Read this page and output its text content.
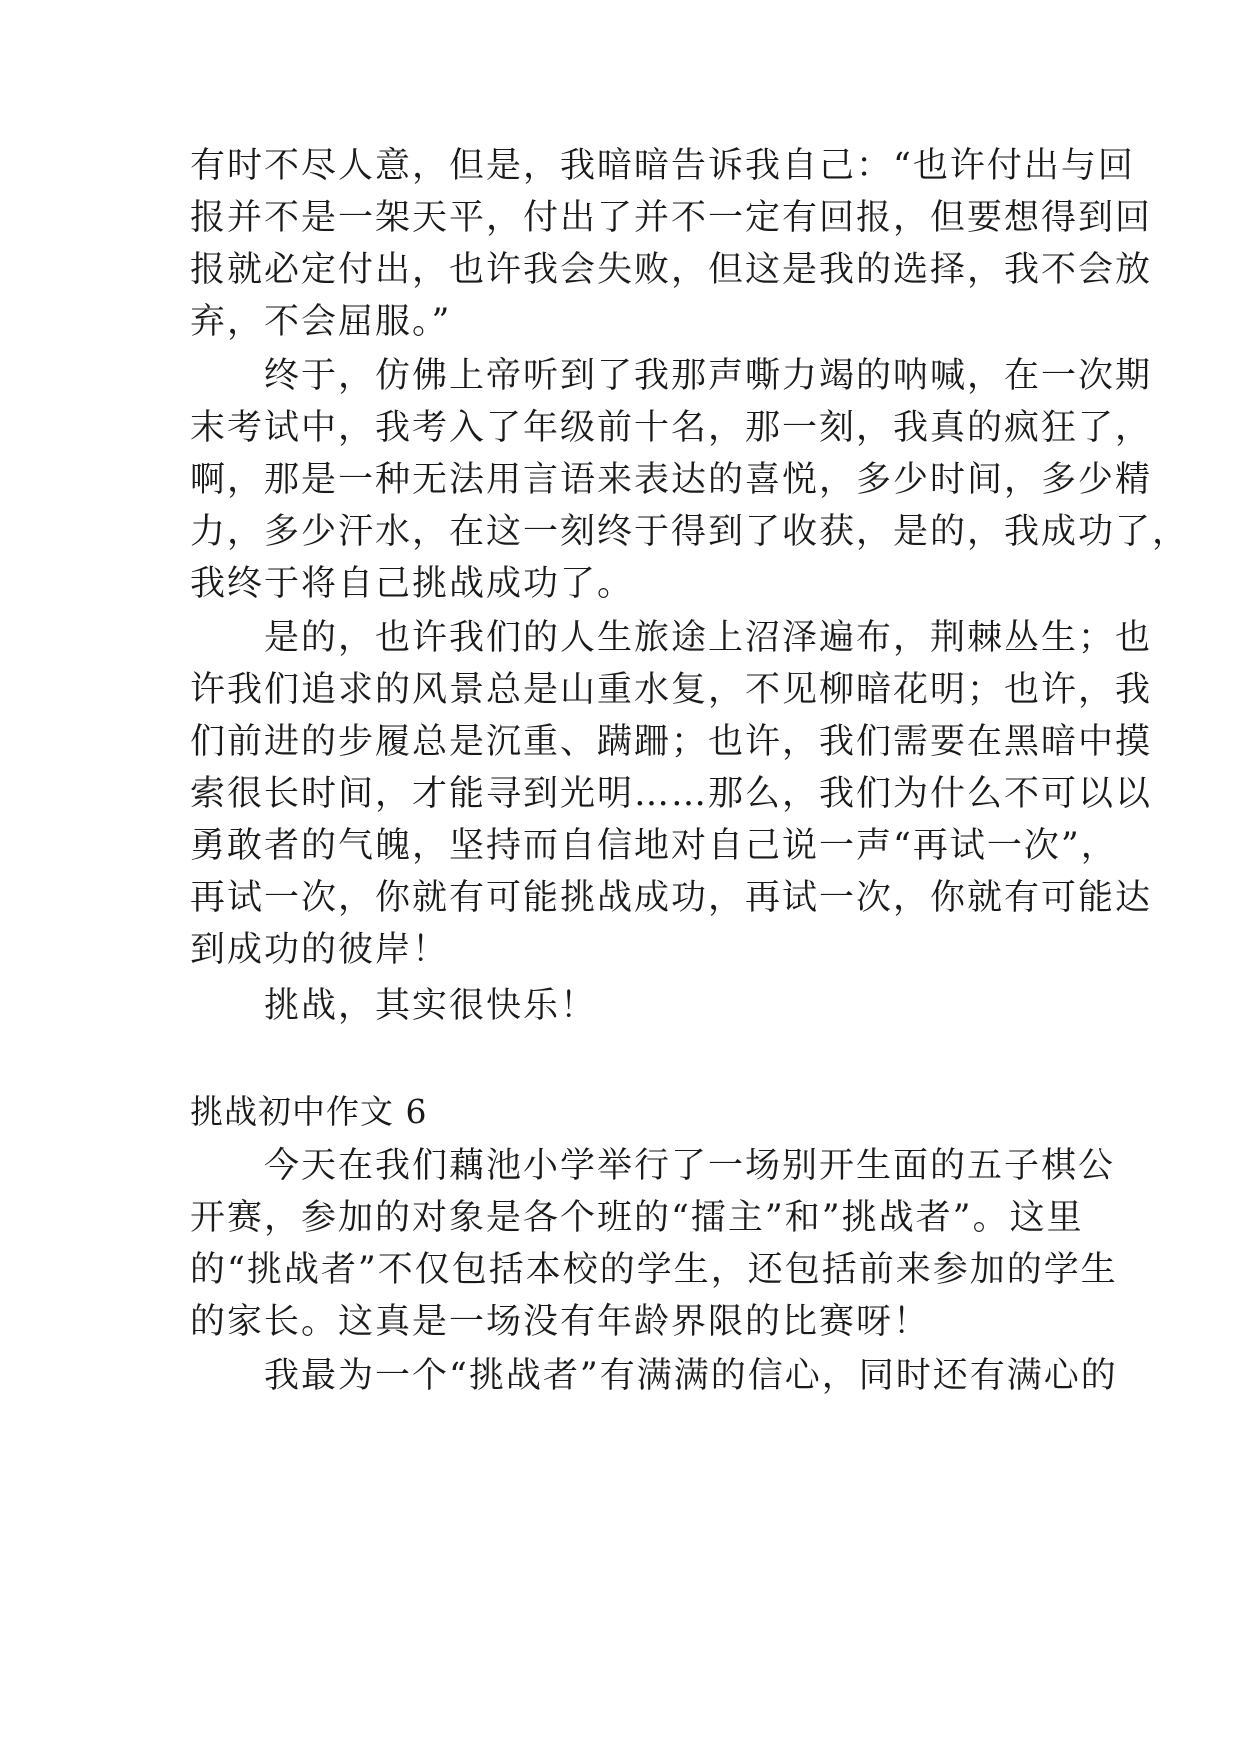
有时不尽人意，但是，我暗暗告诉我自己：“也许付出与回
报并不是一架天平，付出了并不一定有回报，但要想得到回
报就必定付出，也许我会失败，但这是我的选择，我不会放
弃，不会屈服。”
　　终于，仿佛上帝听到了我那声嘶力竭的呐喊，在一次期
末考试中，我考入了年级前十名，那一刻，我真的疯狂了，
啊，那是一种无法用言语来表达的喜悦，多少时间，多少精
力，多少汗水，在这一刻终于得到了收获，是的，我成功了，
我终于将自己挑战成功了。
　　是的，也许我们的人生旅途上沼泽遍布，荆棘丛生；也
许我们追求的风景总是山重水复，不见柳暗花明；也许，我
们前进的步履总是沉重、蹒跚；也许，我们需要在黑暗中摸
索很长时间，才能寻到光明……那么，我们为什么不可以以
勇敢者的气魄，坚持而自信地对自己说一声“再试一次”，
再试一次，你就有可能挑战成功，再试一次，你就有可能达
到成功的彼岸！
　　挑战，其实很快乐！
挑战初中作文 6
　　今天在我们藕池小学举行了一场别开生面的五子棋公
开赛，参加的对象是各个班的“擂主”和”挑战者”。这里
的“挑战者”不仅包括本校的学生，还包括前来参加的学生
的家长。这真是一场没有年龄界限的比赛呀！
　　我最为一个“挑战者”有满满的信心，同时还有满心的
